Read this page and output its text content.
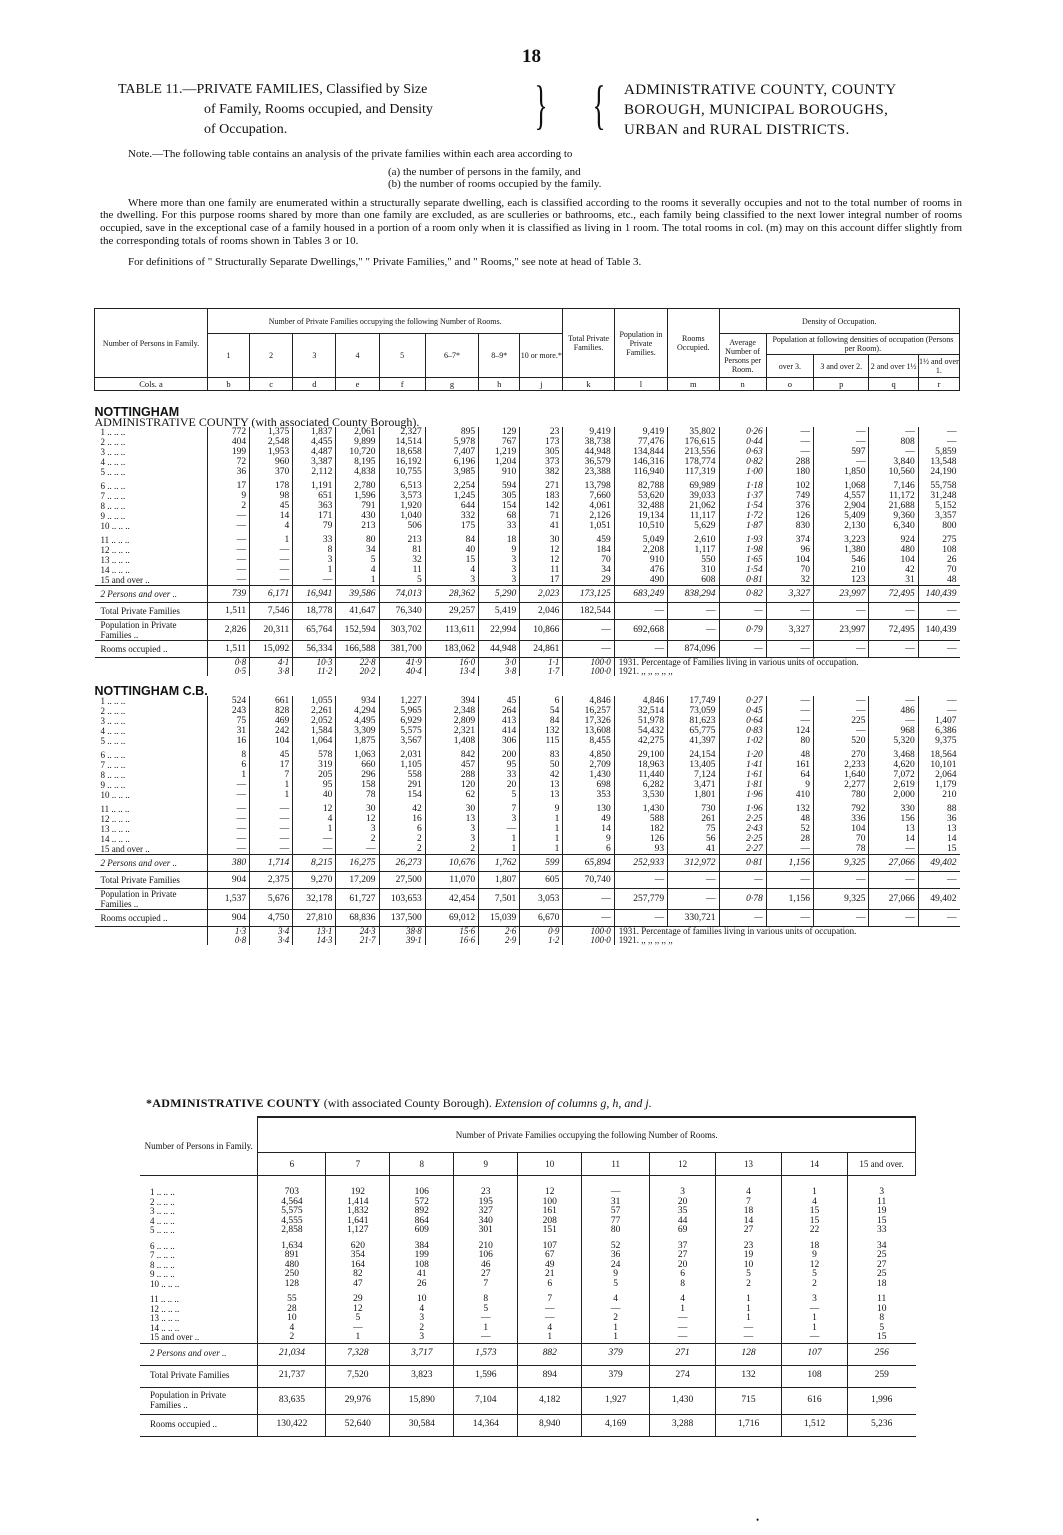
18
TABLE 11.—PRIVATE FAMILIES, Classified by Size
of Family, Rooms occupied, and Density
of Occupation.	} { ADMINISTRATIVE COUNTY, COUNTY
BOROUGH, MUNICIPAL BOROUGHS,
URBAN and RURAL DISTRICTS.

Note.—The following table contains an analysis of the private families within each area according to

(a) the number of persons in the family, and

(b) the number of rooms occupied by the family.

Where more than one family are enumerated within a structurally separate dwelling, each is classified according to the rooms it severally occupies and not to the total number of rooms in the dwelling. For this purpose rooms shared by more than one family are excluded, as are sculleries or bathrooms, etc., each family being classified to the next lower integral number of rooms occupied, save in the exceptional case of a family housed in a portion of a room only when it is classified as living in 1 room. The total rooms in col. (m) may on this account differ slightly from the corresponding totals of rooms shown in Tables 3 or 10.

For definitions of " Structurally Separate Dwellings," " Private Families," and " Rooms," see note at head of Table 3.

Number of Persons in Family.	Number of Private Families occupying the following Number of Rooms.								Total Private Families.	Population in Private Families.	Rooms Occupied.	Density of Occupation.				
	1	2	3	4	5	6–7*	8–9*	10 or more.*				Average Number of Persons per Room.	Population at following densities of occupation (Persons per Room).			
													over 3.	3 and over 2.	2 and over 1½	1½ and over 1.
Cols. a	b	c	d	e	f	g	h	j	k	l	m	n	o	p	q	r

NOTTINGHAM
ADMINISTRATIVE COUNTY (with associated County Borough).																

1 .. .. ..	772	1,375	1,837	2,061	2,327	895	129	23	9,419	9,419	35,802	0·26	—	—	—	—
2 .. .. ..	404	2,548	4,455	9,899	14,514	5,978	767	173	38,738	77,476	176,615	0·44	—	—	808	—
3 .. .. ..	199	1,953	4,487	10,720	18,658	7,407	1,219	305	44,948	134,844	213,556	0·63	—	597	—	5,859
4 .. .. ..	72	960	3,387	8,195	16,192	6,196	1,204	373	36,579	146,316	178,774	0·82	288	—	3,840	13,548
5 .. .. ..	36	370	2,112	4,838	10,755	3,985	910	382	23,388	116,940	117,319	1·00	180	1,850	10,560	24,190

6 .. .. ..	17	178	1,191	2,780	6,513	2,254	594	271	13,798	82,788	69,989	1·18	102	1,068	7,146	55,758
7 .. .. ..	9	98	651	1,596	3,573	1,245	305	183	7,660	53,620	39,033	1·37	749	4,557	11,172	31,248
8 .. .. ..	2	45	363	791	1,920	644	154	142	4,061	32,488	21,062	1·54	376	2,904	21,688	5,152
9 .. .. ..	—	14	171	430	1,040	332	68	71	2,126	19,134	11,117	1·72	126	5,409	9,360	3,357
10 .. .. ..	—	4	79	213	506	175	33	41	1,051	10,510	5,629	1·87	830	2,130	6,340	800

11 .. .. ..	—	1	33	80	213	84	18	30	459	5,049	2,610	1·93	374	3,223	924	275
12 .. .. ..	—	—	8	34	81	40	9	12	184	2,208	1,117	1·98	96	1,380	480	108
13 .. .. ..	—	—	3	5	32	15	3	12	70	910	550	1·65	104	546	104	26
14 .. .. ..	—	—	1	4	11	4	3	11	34	476	310	1·54	70	210	42	70
15 and over ..	—	—	—	1	5	3	3	17	29	490	608	0·81	32	123	31	48
2 Persons and over ..	739	6,171	16,941	39,586	74,013	28,362	5,290	2,023	173,125	683,249	838,294	0·82	3,327	23,997	72,495	140,439
Total Private Families	1,511	7,546	18,778	41,647	76,340	29,257	5,419	2,046	182,544	—	—	—	—	—	—	—
Population in Private Families ..	2,826	20,311	65,764	152,594	303,702	113,611	22,994	10,866	—	692,668	—	0·79	3,327	23,997	72,495	140,439
Rooms occupied ..	1,511	15,092	56,334	166,588	381,700	183,062	44,948	24,861	—	—	874,096	—	—	—	—	—
	0·8	4·1	10·3	22·8	41·9	16·0	3·0	1·1	100·0	1931. Percentage of Families living in various units of occupation.						
	0·5	3·8	11·2	20·2	40·4	13·4	3·8	1·7	100·0	1921. ,, ,, ,, ,, ,,						

NOTTINGHAM C.B.																

1 .. .. ..	524	661	1,055	934	1,227	394	45	6	4,846	4,846	17,749	0·27	—	—	—	—
2 .. .. ..	243	828	2,261	4,294	5,965	2,348	264	54	16,257	32,514	73,059	0·45	—	—	486	—
3 .. .. ..	75	469	2,052	4,495	6,929	2,809	413	84	17,326	51,978	81,623	0·64	—	225	—	1,407
4 .. .. ..	31	242	1,584	3,309	5,575	2,321	414	132	13,608	54,432	65,775	0·83	124	—	968	6,386
5 .. .. ..	16	104	1,064	1,875	3,567	1,408	306	115	8,455	42,275	41,397	1·02	80	520	5,320	9,375

6 .. .. ..	8	45	578	1,063	2,031	842	200	83	4,850	29,100	24,154	1·20	48	270	3,468	18,564
7 .. .. ..	6	17	319	660	1,105	457	95	50	2,709	18,963	13,405	1·41	161	2,233	4,620	10,101
8 .. .. ..	1	7	205	296	558	288	33	42	1,430	11,440	7,124	1·61	64	1,640	7,072	2,064
9 .. .. ..	—	1	95	158	291	120	20	13	698	6,282	3,471	1·81	9	2,277	2,619	1,179
10 .. .. ..	—	1	40	78	154	62	5	13	353	3,530	1,801	1·96	410	780	2,000	210

11 .. .. ..	—	—	12	30	42	30	7	9	130	1,430	730	1·96	132	792	330	88
12 .. .. ..	—	—	4	12	16	13	3	1	49	588	261	2·25	48	336	156	36
13 .. .. ..	—	—	1	3	6	3	—	1	14	182	75	2·43	52	104	13	13
14 .. .. ..	—	—	—	2	2	3	1	1	9	126	56	2·25	28	70	14	14
15 and over ..	—	—	—	—	2	2	1	1	6	93	41	2·27	—	78	—	15
2 Persons and over ..	380	1,714	8,215	16,275	26,273	10,676	1,762	599	65,894	252,933	312,972	0·81	1,156	9,325	27,066	49,402
Total Private Families	904	2,375	9,270	17,209	27,500	11,070	1,807	605	70,740	—	—	—	—	—	—	—
Population in Private Families ..	1,537	5,676	32,178	61,727	103,653	42,454	7,501	3,053	—	257,779	—	0·78	1,156	9,325	27,066	49,402
Rooms occupied ..	904	4,750	27,810	68,836	137,500	69,012	15,039	6,670	—	—	330,721	—	—	—	—	—
	1·3	3·4	13·1	24·3	38·8	15·6	2·6	0·9	100·0	1931. Percentage of families living in various units of occupation.						
	0·8	3·4	14·3	21·7	39·1	16·6	2·9	1·2	100·0	1921. ,, ,, ,, ,, ,,						
*ADMINISTRATIVE COUNTY (with associated County Borough). Extension of columns g, h, and j.
Number of Persons in Family.	Number of Private Families occupying the following Number of Rooms.									
	6	7	8	9	10	11	12	13	14	15 and over.

1 .. .. ..	703	192	106	23	12	—	3	4	1	3
2 .. .. ..	4,564	1,414	572	195	100	31	20	7	4	11
3 .. .. ..	5,575	1,832	892	327	161	57	35	18	15	19
4 .. .. ..	4,555	1,641	864	340	208	77	44	14	15	15
5 .. .. ..	2,858	1,127	609	301	151	80	69	27	22	33

6 .. .. ..	1,634	620	384	210	107	52	37	23	18	34
7 .. .. ..	891	354	199	106	67	36	27	19	9	25
8 .. .. ..	480	164	108	46	49	24	20	10	12	27
9 .. .. ..	250	82	41	27	21	9	6	5	5	25
10 .. .. ..	128	47	26	7	6	5	8	2	2	18

11 .. .. ..	55	29	10	8	7	4	4	1	3	11
12 .. .. ..	28	12	4	5	—	—	1	1	—	10
13 .. .. ..	10	5	3	—	—	2	—	1	1	8
14 .. .. ..	4	—	2	1	4	1	—	—	1	5
15 and over ..	2	1	3	—	1	1	—	—	—	15
2 Persons and over ..	21,034	7,328	3,717	1,573	882	379	271	128	107	256
Total Private Families	21,737	7,520	3,823	1,596	894	379	274	132	108	259
Population in Private Families ..	83,635	29,976	15,890	7,104	4,182	1,927	1,430	715	616	1,996
Rooms occupied ..	130,422	52,640	30,584	14,364	8,940	4,169	3,288	1,716	1,512	5,236
•
